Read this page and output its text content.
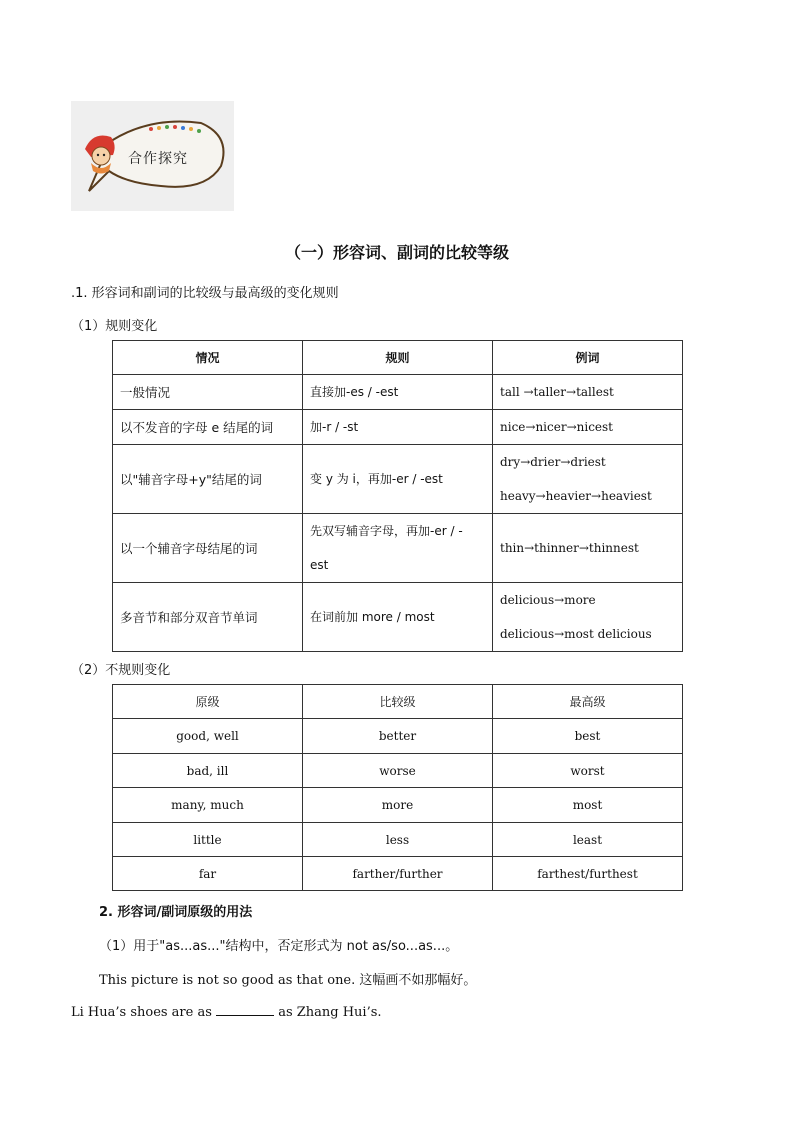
合作探究
（一）形容词、副词的比较等级
.1. 形容词和副词的比较级与最高级的变化规则
（1）规则变化
情况	规则	例词
一般情况	直接加-es / -est	tall →taller→tallest
以不发音的字母 e 结尾的词	加-r / -st	nice→nicer→nicest
以"辅音字母+y"结尾的词	变 y 为 i，再加-er / -est	dry→drier→driest
heavy→heavier→heaviest

以一个辅音字母结尾的词	先双写辅音字母，再加-er / -
est	thin→thinner→thinnest
多音节和部分双音节单词	在词前加 more / most	delicious→more
delicious→most delicious
（2）不规则变化
原级	比较级	最高级
good, well	better	best
bad, ill	worse	worst
many, much	more	most
little	less	least
far	farther/further	farthest/furthest
2. 形容词/副词原级的用法
（1）用于"as...as..."结构中，否定形式为 not as/so...as...。
This picture is not so good as that one. 这幅画不如那幅好。
Li Hua’s shoes are as	as Zhang Hui’s.
